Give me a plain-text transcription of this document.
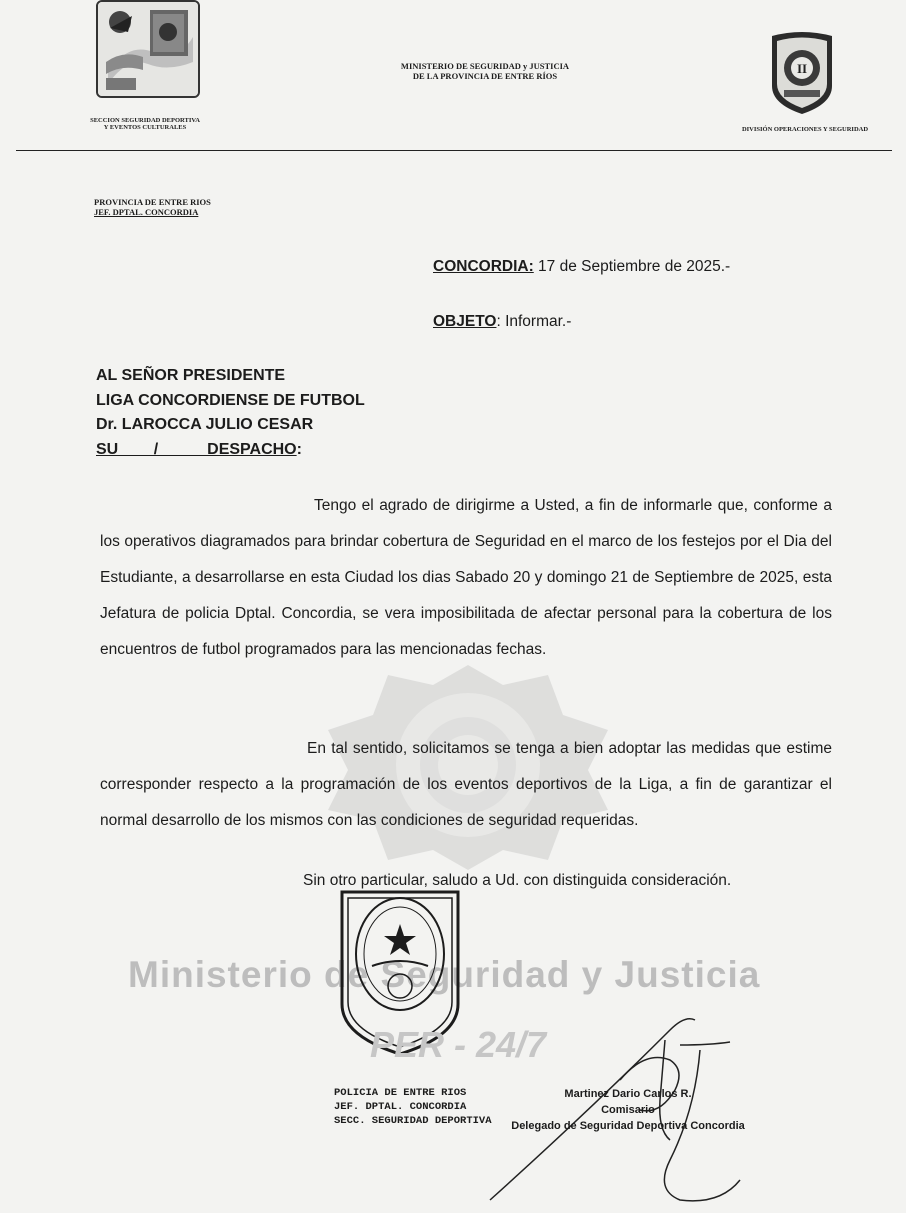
SECCION SEGURIDAD DEPORTIVA
Y EVENTOS CULTURALES
MINISTERIO DE SEGURIDAD y JUSTICIA
DE LA PROVINCIA DE ENTRE RÍOS	II
DIVISIÓN OPERACIONES Y SEGURIDAD
PROVINCIA DE ENTRE RIOS
JEF. DPTAL. CONCORDIA
CONCORDIA: 17 de Septiembre de 2025.-
OBJETO: Informar.-
AL SEÑOR PRESIDENTE
LIGA CONCORDIENSE DE FUTBOL
Dr. LAROCCA JULIO CESAR
SU        /           DESPACHO:
Tengo el agrado de dirigirme a Usted, a fin de informarle que, conforme a los operativos diagramados para brindar cobertura de Seguridad en el marco de los festejos por el Dia del Estudiante, a desarrollarse en esta Ciudad los dias Sabado 20 y domingo 21 de Septiembre de 2025, esta Jefatura de policia Dptal. Concordia, se vera imposibilitada de afectar personal para la cobertura de los encuentros de futbol programados para las mencionadas fechas.
En tal sentido, solicitamos se tenga a bien adoptar las medidas que estime corresponder respecto a la programación de los eventos deportivos de la Liga, a fin de garantizar el normal desarrollo de los mismos con las condiciones de seguridad requeridas.
Sin otro particular, saludo a Ud. con distinguida consideración.
Ministerio de Seguridad y Justicia
PER - 24/7
POLICIA DE ENTRE RIOS
JEF. DPTAL. CONCORDIA
SECC. SEGURIDAD DEPORTIVA
Martinez Dario Carlos R.
Comisario
Delegado de Seguridad Deportiva Concordia
